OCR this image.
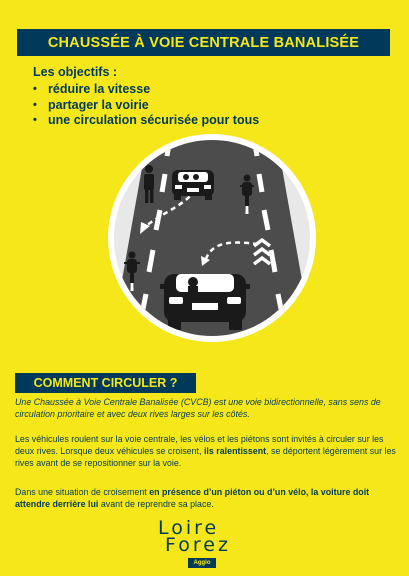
CHAUSSÉE À VOIE CENTRALE BANALISÉE
Les objectifs :
• réduire la vitesse
• partager la voirie
• une circulation sécurisée pour tous
COMMENT CIRCULER ?
Une Chaussée à Voie Centrale Banalisée (CVCB) est une voie bidirectionnelle, sans sens de circulation prioritaire et avec deux rives larges sur les côtés.
Les véhicules roulent sur la voie centrale, les vélos et les piétons sont invités à circuler sur les deux rives. Lorsque deux véhicules se croisent, ils ralentissent, se déportent légèrement sur les rives avant de se repositionner sur la voie.
Dans une situation de croisement en présence d’un piéton ou d’un vélo, la voiture doit attendre derrière lui avant de reprendre sa place.
Loire
Forez
Agglo
